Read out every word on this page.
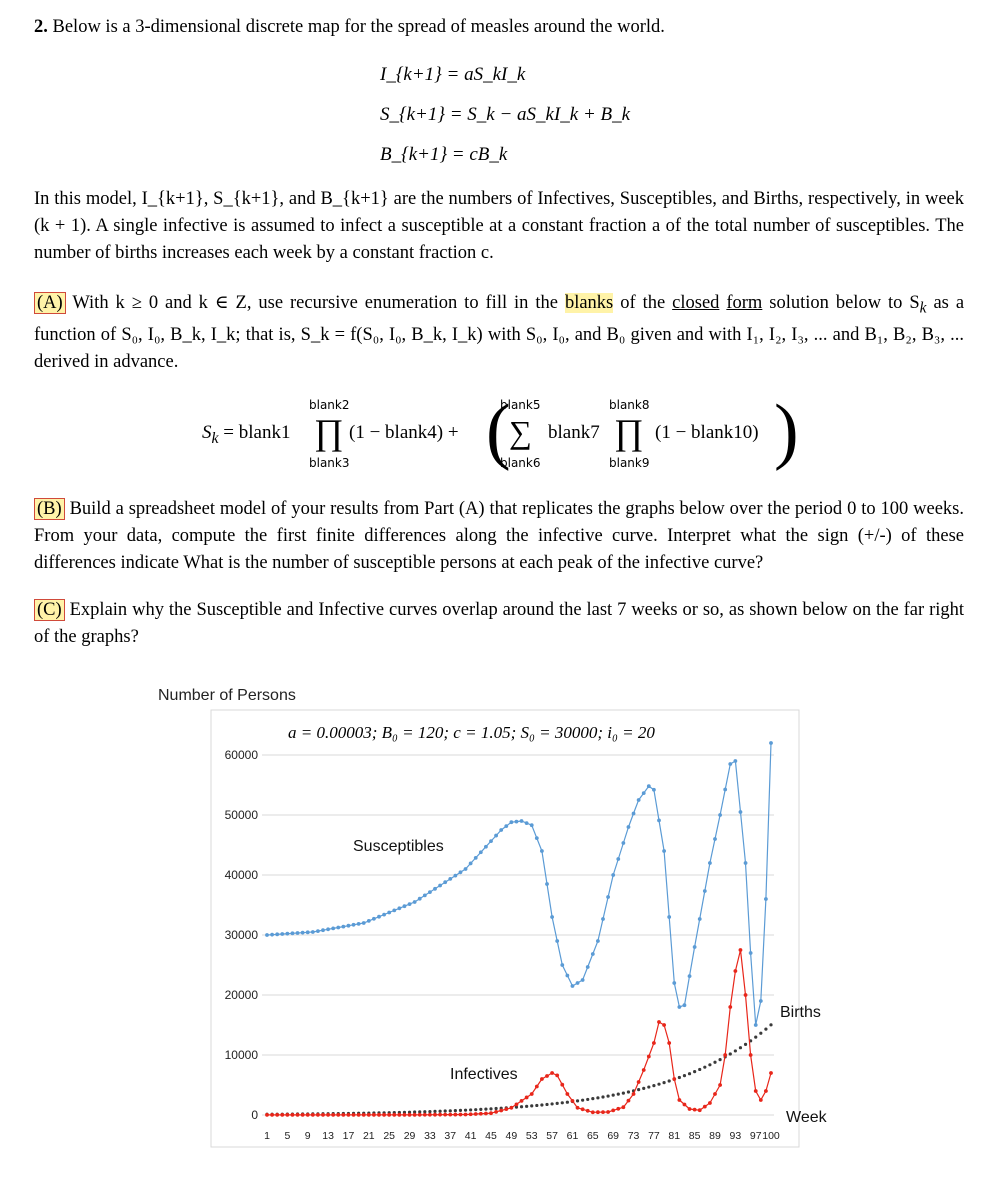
2. Below is a 3-dimensional discrete map for the spread of measles around the world.
I_{k+1} = aS_kI_k
S_{k+1} = S_k − aS_kI_k + B_k
B_{k+1} = cB_k
In this model, I_{k+1}, S_{k+1}, and B_{k+1} are the numbers of Infectives, Susceptibles, and Births, respectively, in week (k + 1). A single infective is assumed to infect a susceptible at a constant fraction a of the total number of susceptibles. The number of births increases each week by a constant fraction c.
(A) With k ≥ 0 and k ∈ Z, use recursive enumeration to fill in the blanks of the closed form solution below to $S_k$ as a function of S₀, I₀, B_k, I_k; that is, S_k = f(S₀, I₀, B_k, I_k) with S₀, I₀, and B₀ given and with I₁, I₂, I₃, ... and B₁, B₂, B₃, ... derived in advance.
$S_k$ = blank1
blank2
∏
blank3
(1 − blank4) + (
blank5
∑
blank6
blank7
blank8
∏
blank9
(1 − blank10) )
(B) Build a spreadsheet model of your results from Part (A) that replicates the graphs below over the period 0 to 100 weeks. From your data, compute the first finite differences along the infective curve. Interpret what the sign (+/-) of these differences indicate What is the number of susceptible persons at each peak of the infective curve?
(C) Explain why the Susceptible and Infective curves overlap around the last 7 weeks or so, as shown below on the far right of the graphs?
Number of Persons
a = 0.00003; B₀ = 120; c = 1.05; S₀ = 30000; i₀ = 20
60000
50000
40000
30000
20000
10000
0
1 5 9 13 17 21 25 29 33 37 41 45 49 53 57 61 65 69 73 77 81 85 89 93 97 100
Susceptibles
Infectives
Births
Week
